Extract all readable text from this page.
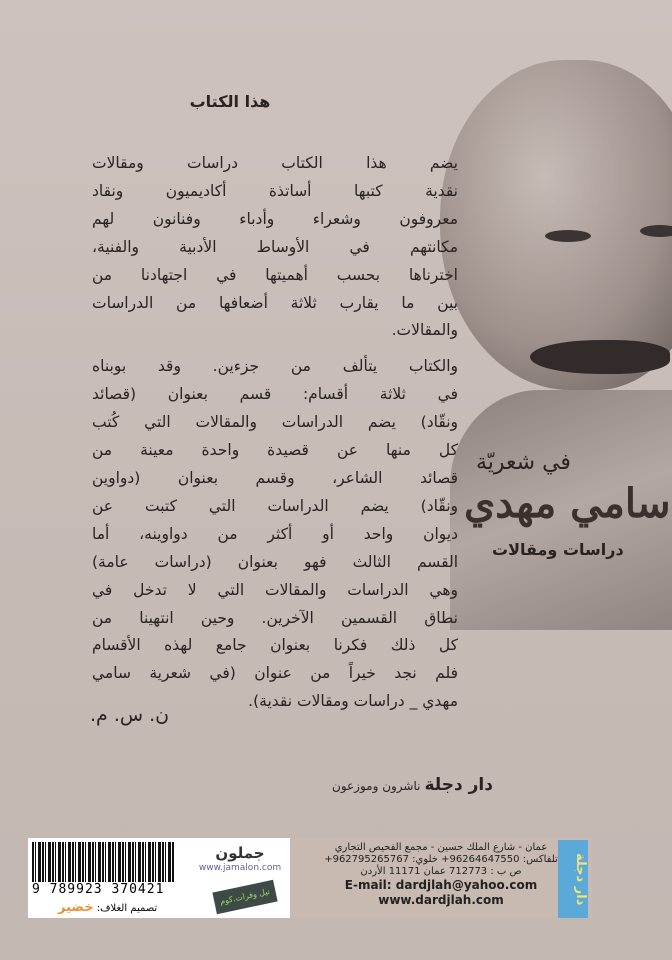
هذا الكتاب
يضم هذا الكتاب دراسات ومقالات
نقدية كتبها أساتذة أكاديميون ونقاد
معروفون وشعراء وأدباء وفنانون لهم
مكانتهم في الأوساط الأدبية والفنية،
اخترناها بحسب أهميتها في اجتهادنا من
بين ما يقارب ثلاثة أضعافها من الدراسات
والمقالات.
والكتاب يتألف من جزءين. وقد بوبناه
في ثلاثة أقسام: قسم بعنوان (قصائد
ونقّاد) يضم الدراسات والمقالات التي كُتب
كل منها عن قصيدة واحدة معينة من
قصائد الشاعر، وقسم بعنوان (دواوين
ونقّاد) يضم الدراسات التي كتبت عن
ديوان واحد أو أكثر من دواوينه، أما
القسم الثالث فهو بعنوان (دراسات عامة)
وهي الدراسات والمقالات التي لا تدخل في
نطاق القسمين الآخرين. وحين انتهينا من
كل ذلك فكرنا بعنوان جامع لهذه الأقسام
فلم نجد خيراً من عنوان (في شعرية سامي
مهدي _ دراسات ومقالات نقدية).
ن. س. م.
في شعريّة
سامي مهدي
دراسات ومقالات
دار دجلةناشرون وموزعون
9 789923 370421
تصميم الغلاف: خضير
جملون
www.jamalon.com
نيل وفرات.كوم
عمان - شارع الملك حسين - مجمع الفحيص التجاري
تلفاكس: 96264647550+ خلوي: 962795265767+
ص ب : 712773 عمان 11171 الأردن
E-mail: dardjlah@yahoo.com
www.dardjlah.com	دار دجلة
